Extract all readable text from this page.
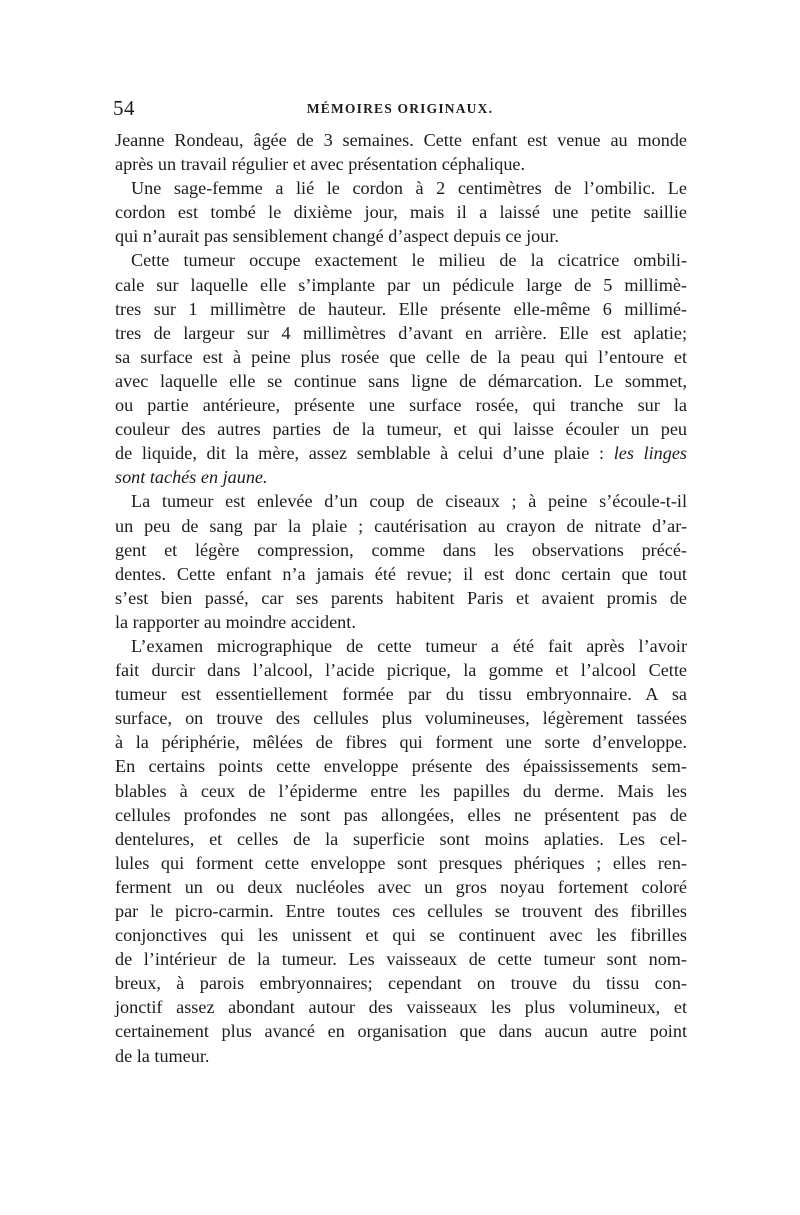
54	MÉMOIRES ORIGINAUX.
Jeanne Rondeau, âgée de 3 semaines. Cette enfant est venue au monde
après un travail régulier et avec présentation céphalique.
Une sage-femme a lié le cordon à 2 centimètres de l’ombilic. Le
cordon est tombé le dixième jour, mais il a laissé une petite saillie
qui n’aurait pas sensiblement changé d’aspect depuis ce jour.
Cette tumeur occupe exactement le milieu de la cicatrice ombili-
cale sur laquelle elle s’implante par un pédicule large de 5 millimè-
tres sur 1 millimètre de hauteur. Elle présente elle-même 6 millimé-
tres de largeur sur 4 millimètres d’avant en arrière. Elle est aplatie;
sa surface est à peine plus rosée que celle de la peau qui l’entoure et
avec laquelle elle se continue sans ligne de démarcation. Le sommet,
ou partie antérieure, présente une surface rosée, qui tranche sur la
couleur des autres parties de la tumeur, et qui laisse écouler un peu
de liquide, dit la mère, assez semblable à celui d’une plaie : les linges
sont tachés en jaune.
La tumeur est enlevée d’un coup de ciseaux ; à peine s’écoule-t-il
un peu de sang par la plaie ; cautérisation au crayon de nitrate d’ar-
gent et légère compression, comme dans les observations précé-
dentes. Cette enfant n’a jamais été revue; il est donc certain que tout
s’est bien passé, car ses parents habitent Paris et avaient promis de
la rapporter au moindre accident.
L’examen micrographique de cette tumeur a été fait après l’avoir
fait durcir dans l’alcool, l’acide picrique, la gomme et l’alcool Cette
tumeur est essentiellement formée par du tissu embryonnaire. A sa
surface, on trouve des cellules plus volumineuses, légèrement tassées
à la périphérie, mêlées de fibres qui forment une sorte d’enveloppe.
En certains points cette enveloppe présente des épaississements sem-
blables à ceux de l’épiderme entre les papilles du derme. Mais les
cellules profondes ne sont pas allongées, elles ne présentent pas de
dentelures, et celles de la superficie sont moins aplaties. Les cel-
lules qui forment cette enveloppe sont presques phériques ; elles ren-
ferment un ou deux nucléoles avec un gros noyau fortement coloré
par le picro-carmin. Entre toutes ces cellules se trouvent des fibrilles
conjonctives qui les unissent et qui se continuent avec les fibrilles
de l’intérieur de la tumeur. Les vaisseaux de cette tumeur sont nom-
breux, à parois embryonnaires; cependant on trouve du tissu con-
jonctif assez abondant autour des vaisseaux les plus volumineux, et
certainement plus avancé en organisation que dans aucun autre point
de la tumeur.
